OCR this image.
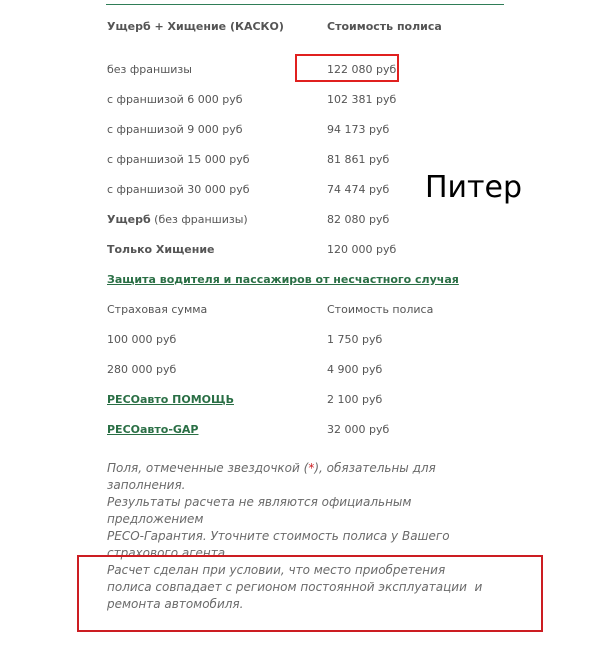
Ущерб + Хищение (КАСКО)	Стоимость полиса
без франшизы	122 080 руб
с франшизой 6 000 руб	102 381 руб
с франшизой 9 000 руб	94 173 руб
с франшизой 15 000 руб	81 861 руб
с франшизой 30 000 руб	74 474 руб
Ущерб (без франшизы)	82 080 руб
Только Хищение	120 000 руб
Питер
Защита водителя и пассажиров от несчастного случая
Страховая сумма	Стоимость полиса
100 000 руб	1 750 руб
280 000 руб	4 900 руб
РЕСОавто ПОМОЩЬ	2 100 руб
РЕСОавто-GAP	32 000 руб
Поля, отмеченные звездочкой (*), обязательны для заполнения.
Результаты расчета не являются официальным предложением
РЕСО-Гарантия. Уточните стоимость полиса у Вашего
страхового агента.
Расчет сделан при условии, что место приобретения
полиса совпадает с регионом постоянной эксплуатации  и
ремонта автомобиля.
